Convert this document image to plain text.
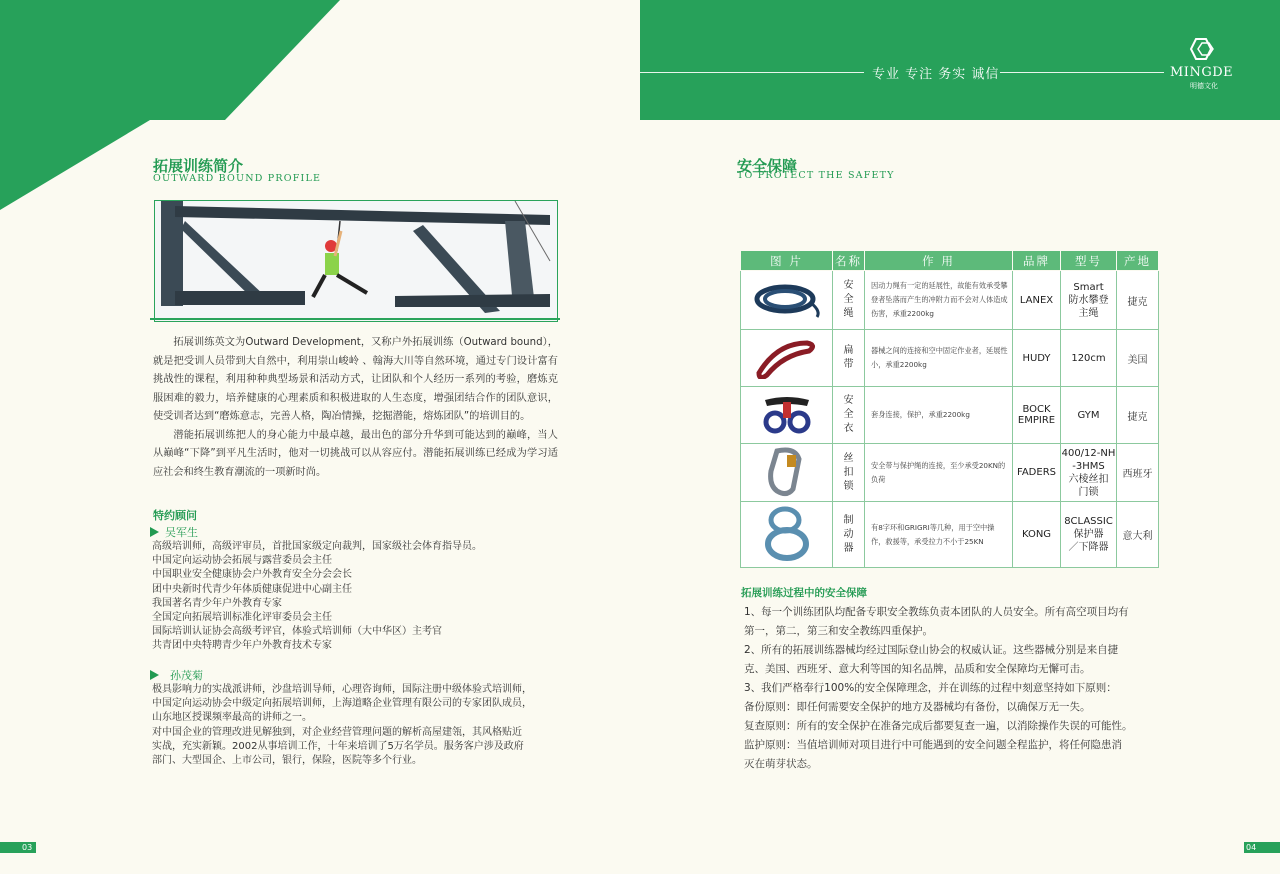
专业 专注 务实 诚信	MINGDE
明德文化
拓展训练简介
OUTWARD BOUND PROFILE

拓展训练英文为Outward Development，又称户外拓展训练（Outward bound），就是把受训人员带到大自然中，利用崇山峻岭 、翰海大川等自然环境，通过专门设计富有挑战性的课程，利用种种典型场景和活动方式，让团队和个人经历一系列的考验，磨炼克服困难的毅力，培养健康的心理素质和积极进取的人生态度，增强团结合作的团队意识，使受训者达到“磨炼意志，完善人格，陶冶情操，挖掘潜能，熔炼团队”的培训目的。

潜能拓展训练把人的身心能力中最卓越，最出色的部分升华到可能达到的巅峰，当人从巅峰“下降”到平凡生活时，他对一切挑战可以从容应付。潜能拓展训练已经成为学习适应社会和终生教育潮流的一项新时尚。

特约顾问
吴军生
高级培训师，高级评审员，首批国家级定向裁判，国家级社会体育指导员。
中国定向运动协会拓展与露营委员会主任
中国职业安全健康协会户外教育安全分会会长
团中央新时代青少年体质健康促进中心副主任
我国著名青少年户外教育专家
全国定向拓展培训标准化评审委员会主任
国际培训认证协会高级考评官，体验式培训师（大中华区）主考官
共青团中央特聘青少年户外教育技术专家
孙茂菊
极具影响力的实战派讲师，沙盘培训导师，心理咨询师，国际注册中级体验式培训师，
中国定向运动协会中级定向拓展培训师，上海道略企业管理有限公司的专家团队成员，
山东地区授课频率最高的讲师之一。
对中国企业的管理改进见解独到，对企业经营管理问题的解析高屋建瓴，其风格贴近
实战，充实新颖。2002从事培训工作，十年来培训了5万名学员。服务客户涉及政府
部门、大型国企、上市公司，银行，保险，医院等多个行业。
安全保障
TO PROTECT THE SAFETY
图 片	名称	作 用	品牌	型号	产地

安全绳	因动力绳有一定的延展性，故能有效承受攀登者坠落而产生的冲附力而不会对人体造成伤害，承重2200kg	LANEX	Smart
防水攀登
主绳	捷克

扁带	器械之间的连接和空中固定作业者，延展性小，承重2200kg	HUDY	120cm	美国

安全衣	套身连接，保护，承重2200kg	BOCK EMPIRE	GYM	捷克

丝扣锁	安全带与保护绳的连接，至少承受20KN的负荷	FADERS	400/12-NH
-3HMS
六棱丝扣
门锁	西班牙

制动器	有8字环和GRIGRI等几种，用于空中操作，救援等，承受拉力不小于25KN	KONG	8CLASSIC
保护器
／下降器	意大利
拓展训练过程中的安全保障
1、每一个训练团队均配备专职安全教练负责本团队的人员安全。所有高空项目均有
第一，第二，第三和安全教练四重保护。
2、所有的拓展训练器械均经过国际登山协会的权威认证。这些器械分别是来自捷
克、美国、西班牙、意大利等国的知名品牌，品质和安全保障均无懈可击。
3、我们严格奉行100%的安全保障理念，并在训练的过程中刻意坚持如下原则：
备份原则：即任何需要安全保护的地方及器械均有备份，以确保万无一失。
复查原则：所有的安全保护在准备完成后都要复查一遍，以消除操作失误的可能性。
监护原则：当值培训师对项目进行中可能遇到的安全问题全程监护，将任何隐患消
灭在萌芽状态。
03	04
